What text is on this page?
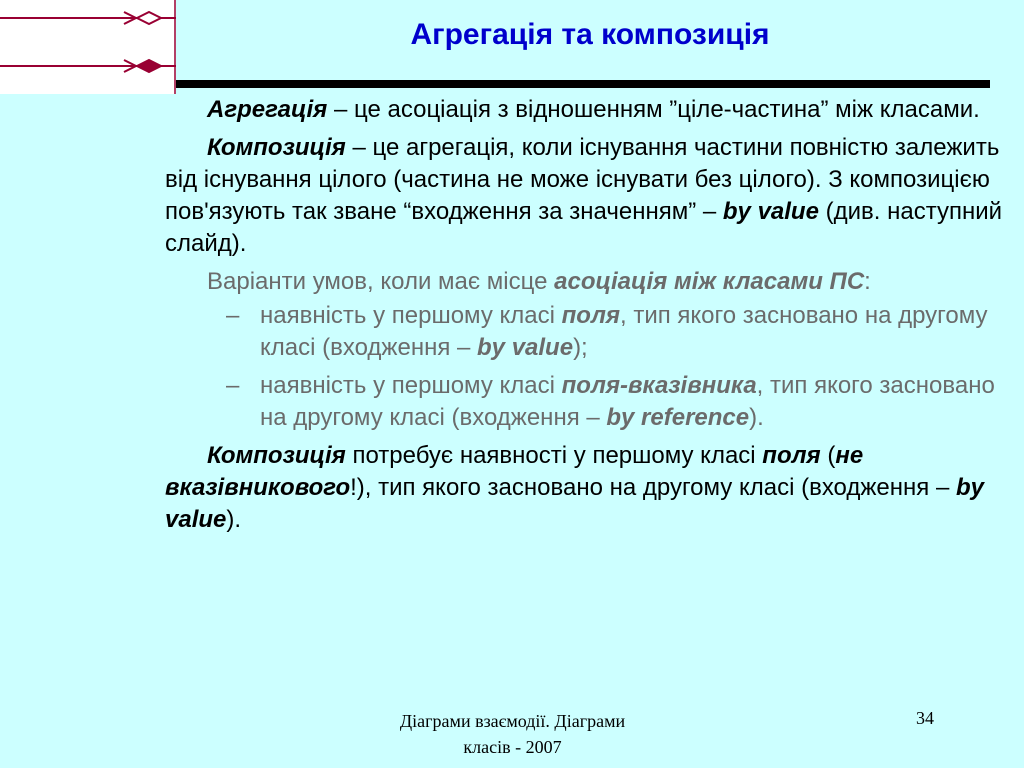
Агрегація та композиція

Агрегація – це асоціація з відношенням ”ціле-частина” між класами.

Композиція – це агрегація, коли існування частини повністю залежить від існування цілого (частина не може існувати без цілого). З композицією пов'язують так зване “входження за значенням” – by value (див. наступний слайд).

Варіанти умов, коли має місце асоціація між класами ПС:

– наявність у першому класі поля, тип якого засновано на другому класі (входження – by value);

– наявність у першому класі поля-вказівника, тип якого засновано на другому класі (входження – by reference).

Композиція потребує наявності у першому класі поля (не вказівникового!), тип якого засновано на другому класі (входження – by value).

Діаграми взаємодії. Діаграми
класів - 2007
34
